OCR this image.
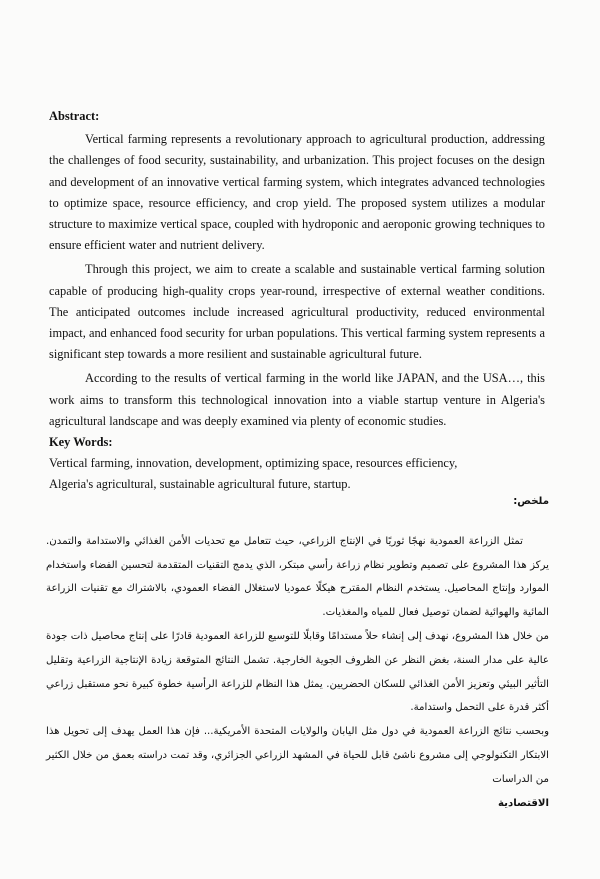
Abstract:

Vertical farming represents a revolutionary approach to agricultural production, addressing the challenges of food security, sustainability, and urbanization. This project focuses on the design and development of an innovative vertical farming system, which integrates advanced technologies to optimize space, resource efficiency, and crop yield. The proposed system utilizes a modular structure to maximize vertical space, coupled with hydroponic and aeroponic growing techniques to ensure efficient water and nutrient delivery.

Through this project, we aim to create a scalable and sustainable vertical farming solution capable of producing high-quality crops year-round, irrespective of external weather conditions. The anticipated outcomes include increased agricultural productivity, reduced environmental impact, and enhanced food security for urban populations. This vertical farming system represents a significant step towards a more resilient and sustainable agricultural future.

According to the results of vertical farming in the world like JAPAN, and the USA…, this work aims to transform this technological innovation into a viable startup venture in Algeria's agricultural landscape and was deeply examined via plenty of economic studies.

Key Words:

Vertical farming, innovation, development, optimizing space, resources efficiency, Algeria's agricultural, sustainable agricultural future, startup.

ملخص:

تمثل الزراعة العمودية نهجًا ثوريًا في الإنتاج الزراعي، حيث تتعامل مع تحديات الأمن الغذائي والاستدامة والتمدن. يركز هذا المشروع على تصميم وتطوير نظام زراعة رأسي مبتكر، الذي يدمج التقنيات المتقدمة لتحسين الفضاء واستخدام الموارد وإنتاج المحاصيل. يستخدم النظام المقترح هيكلًا عموديا لاستغلال الفضاء العمودي، بالاشتراك مع تقنيات الزراعة المائية والهوائية لضمان توصيل فعال للمياه والمغذيات.

من خلال هذا المشروع، نهدف إلى إنشاء حلاً مستدامًا وقابلًا للتوسيع للزراعة العمودية قادرًا على إنتاج محاصيل ذات جودة عالية على مدار السنة، بغض النظر عن الظروف الجوية الخارجية. تشمل النتائج المتوقعة زيادة الإنتاجية الزراعية وتقليل التأثير البيئي وتعزيز الأمن الغذائي للسكان الحضريين. يمثل هذا النظام للزراعة الرأسية خطوة كبيرة نحو مستقبل زراعي أكثر قدرة على التحمل واستدامة.

وبحسب نتائج الزراعة العمودية في دول مثل اليابان والولايات المتحدة الأمريكية... فإن هذا العمل يهدف إلى تحويل هذا الابتكار التكنولوجي إلى مشروع ناشئ قابل للحياة في المشهد الزراعي الجزائري، وقد تمت دراسته بعمق من خلال الكثير من الدراسات

الاقتصادية
